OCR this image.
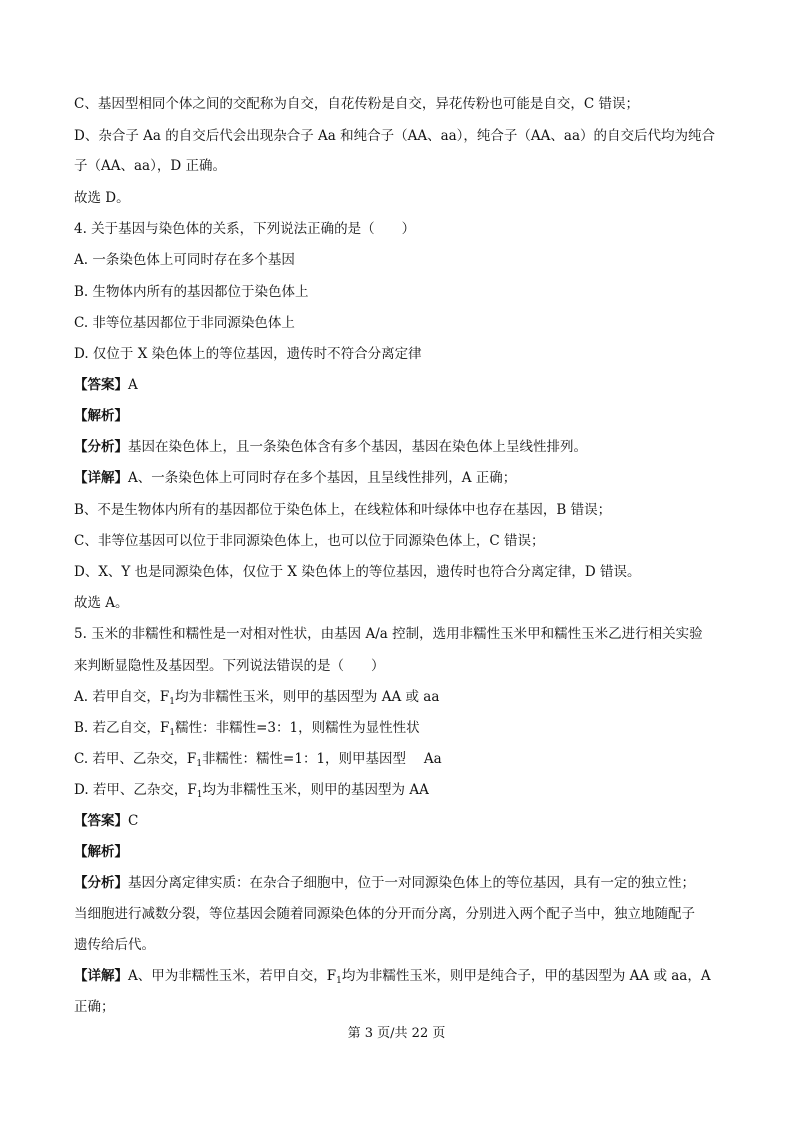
C、基因型相同个体之间的交配称为自交，自花传粉是自交，异花传粉也可能是自交，C 错误；
D、杂合子 Aa 的自交后代会出现杂合子 Aa 和纯合子（AA、aa），纯合子（AA、aa）的自交后代均为纯合
子（AA、aa），D 正确。
故选 D。
4. 关于基因与染色体的关系，下列说法正确的是（　　）
A. 一条染色体上可同时存在多个基因
B. 生物体内所有的基因都位于染色体上
C. 非等位基因都位于非同源染色体上
D. 仅位于 X 染色体上的等位基因，遗传时不符合分离定律
【答案】A
【解析】
【分析】基因在染色体上，且一条染色体含有多个基因，基因在染色体上呈线性排列。
【详解】A、一条染色体上可同时存在多个基因，且呈线性排列，A 正确；
B、不是生物体内所有的基因都位于染色体上，在线粒体和叶绿体中也存在基因，B 错误；
C、非等位基因可以位于非同源染色体上，也可以位于同源染色体上，C 错误；
D、X、Y 也是同源染色体，仅位于 X 染色体上的等位基因，遗传时也符合分离定律，D 错误。
故选 A。
5. 玉米的非糯性和糯性是一对相对性状，由基因 A/a 控制，选用非糯性玉米甲和糯性玉米乙进行相关实验
来判断显隐性及基因型。下列说法错误的是（　　）
A. 若甲自交，$F_1$均为非糯性玉米，则甲的基因型为 AA 或 aa
B. 若乙自交，$F_1$糯性：非糯性=3：1，则糯性为显性性状
C. 若甲、乙杂交，$F_1$非糯性：糯性=1：1，则甲基因型　 Aa
D. 若甲、乙杂交，$F_1$均为非糯性玉米，则甲的基因型为 AA
【答案】C
【解析】
【分析】基因分离定律实质：在杂合子细胞中，位于一对同源染色体上的等位基因，具有一定的独立性；
当细胞进行减数分裂，等位基因会随着同源染色体的分开而分离，分别进入两个配子当中，独立地随配子
遗传给后代。
【详解】A、甲为非糯性玉米，若甲自交，$F_1$均为非糯性玉米，则甲是纯合子，甲的基因型为 AA 或 aa，A
正确；
第 3 页/共 22 页
